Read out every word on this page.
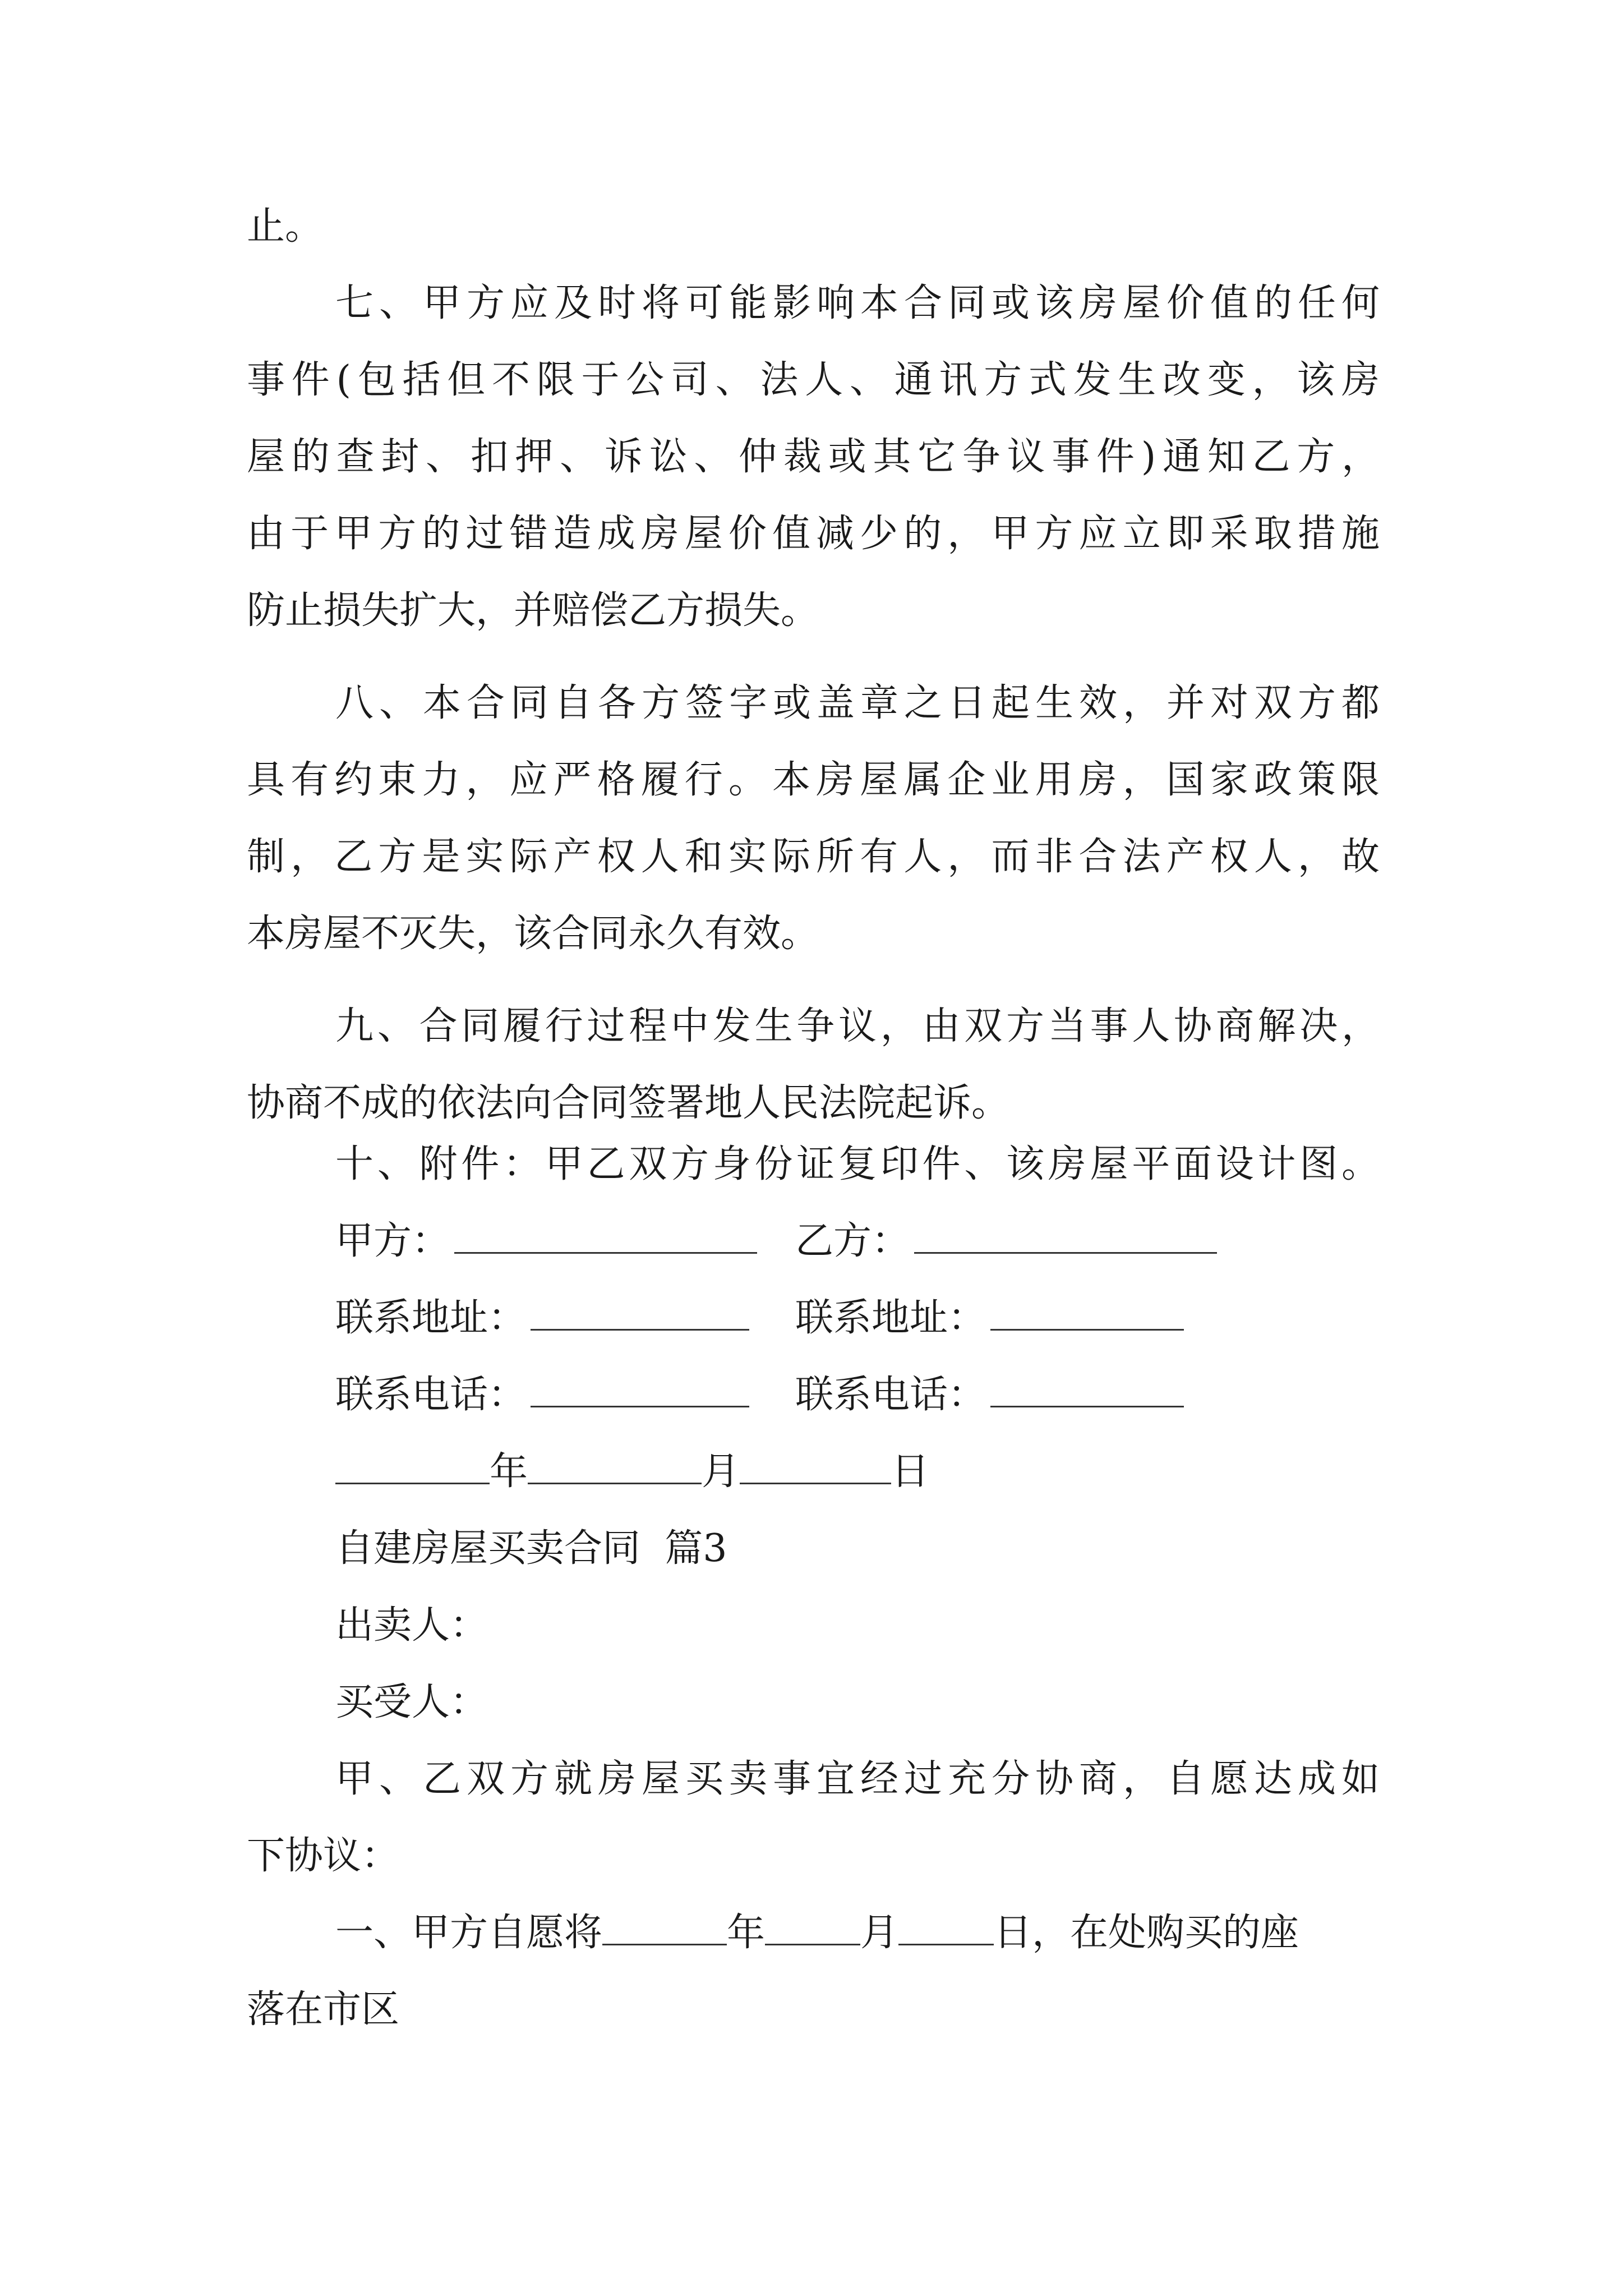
止。
七、甲方应及时将可能影响本合同或该房屋价值的任何
事件(包括但不限于公司、法人、通讯方式发生改变，该房
屋的查封、扣押、诉讼、仲裁或其它争议事件)通知乙方，
由于甲方的过错造成房屋价值减少的，甲方应立即采取措施
防止损失扩大，并赔偿乙方损失。
八、本合同自各方签字或盖章之日起生效，并对双方都
具有约束力，应严格履行。本房屋属企业用房，国家政策限
制，乙方是实际产权人和实际所有人，而非合法产权人，故
本房屋不灭失，该合同永久有效。
九、合同履行过程中发生争议，由双方当事人协商解决，
协商不成的依法向合同签署地人民法院起诉。
十、附件：甲乙双方身份证复印件、该房屋平面设计图。
甲方：	乙方：
联系地址：	联系地址：
联系电话：	联系电话：
年	月	日
自建房屋买卖合同  篇3
出卖人：
买受人：
甲、乙双方就房屋买卖事宜经过充分协商，自愿达成如
下协议：
一、甲方自愿将	年	月	日，在处购买的座
落在市区
